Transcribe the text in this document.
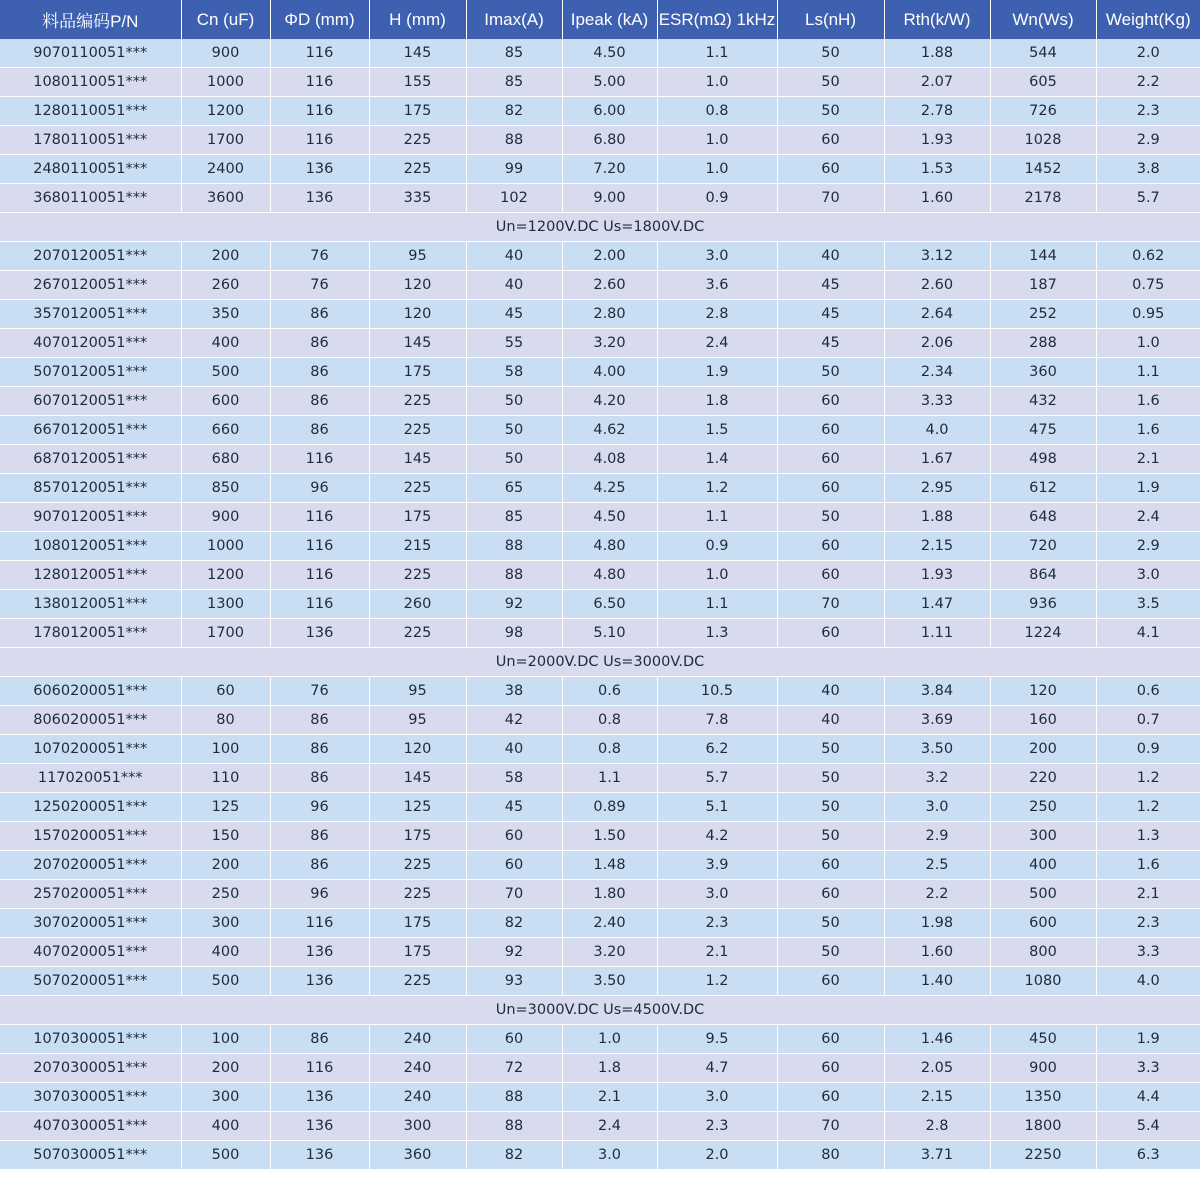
料品编码P/N	Cn (uF)	ΦD (mm)	H (mm)	Imax(A)	Ipeak (kA)	ESR(mΩ) 1kHz	Ls(nH)	Rth(k/W)	Wn(Ws)	Weight(Kg)
9070110051***	900	116	145	85	4.50	1.1	50	1.88	544	2.0
1080110051***	1000	116	155	85	5.00	1.0	50	2.07	605	2.2
1280110051***	1200	116	175	82	6.00	0.8	50	2.78	726	2.3
1780110051***	1700	116	225	88	6.80	1.0	60	1.93	1028	2.9
2480110051***	2400	136	225	99	7.20	1.0	60	1.53	1452	3.8
3680110051***	3600	136	335	102	9.00	0.9	70	1.60	2178	5.7
Un=1200V.DC Us=1800V.DC										
2070120051***	200	76	95	40	2.00	3.0	40	3.12	144	0.62
2670120051***	260	76	120	40	2.60	3.6	45	2.60	187	0.75
3570120051***	350	86	120	45	2.80	2.8	45	2.64	252	0.95
4070120051***	400	86	145	55	3.20	2.4	45	2.06	288	1.0
5070120051***	500	86	175	58	4.00	1.9	50	2.34	360	1.1
6070120051***	600	86	225	50	4.20	1.8	60	3.33	432	1.6
6670120051***	660	86	225	50	4.62	1.5	60	4.0	475	1.6
6870120051***	680	116	145	50	4.08	1.4	60	1.67	498	2.1
8570120051***	850	96	225	65	4.25	1.2	60	2.95	612	1.9
9070120051***	900	116	175	85	4.50	1.1	50	1.88	648	2.4
1080120051***	1000	116	215	88	4.80	0.9	60	2.15	720	2.9
1280120051***	1200	116	225	88	4.80	1.0	60	1.93	864	3.0
1380120051***	1300	116	260	92	6.50	1.1	70	1.47	936	3.5
1780120051***	1700	136	225	98	5.10	1.3	60	1.11	1224	4.1
Un=2000V.DC Us=3000V.DC										
6060200051***	60	76	95	38	0.6	10.5	40	3.84	120	0.6
8060200051***	80	86	95	42	0.8	7.8	40	3.69	160	0.7
1070200051***	100	86	120	40	0.8	6.2	50	3.50	200	0.9
117020051***	110	86	145	58	1.1	5.7	50	3.2	220	1.2
1250200051***	125	96	125	45	0.89	5.1	50	3.0	250	1.2
1570200051***	150	86	175	60	1.50	4.2	50	2.9	300	1.3
2070200051***	200	86	225	60	1.48	3.9	60	2.5	400	1.6
2570200051***	250	96	225	70	1.80	3.0	60	2.2	500	2.1
3070200051***	300	116	175	82	2.40	2.3	50	1.98	600	2.3
4070200051***	400	136	175	92	3.20	2.1	50	1.60	800	3.3
5070200051***	500	136	225	93	3.50	1.2	60	1.40	1080	4.0
Un=3000V.DC Us=4500V.DC										
1070300051***	100	86	240	60	1.0	9.5	60	1.46	450	1.9
2070300051***	200	116	240	72	1.8	4.7	60	2.05	900	3.3
3070300051***	300	136	240	88	2.1	3.0	60	2.15	1350	4.4
4070300051***	400	136	300	88	2.4	2.3	70	2.8	1800	5.4
5070300051***	500	136	360	82	3.0	2.0	80	3.71	2250	6.3
